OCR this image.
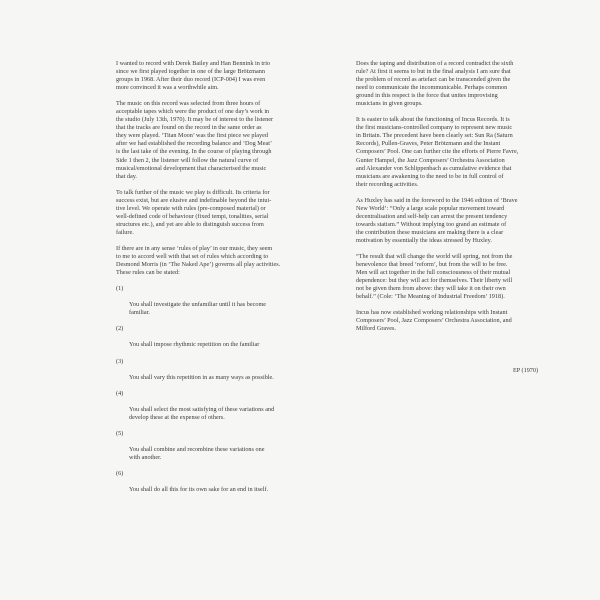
I wanted to record with Derek Bailey and Han Bennink in trio
since we first played together in one of the large Brötzmann
groups in 1968. After their duo record (ICP-004) I was even
more convinced it was a worthwhile aim.

The music on this record was selected from three hours of
acceptable tapes which were the product of one day’s work in
the studio (July 13th, 1970). It may be of interest to the listener
that the tracks are found on the record in the same order as
they were played. ‘Titan Moon’ was the first piece we played
after we had established the recording balance and ‘Dog Meat’
is the last take of the evening. In the course of playing through
Side 1 then 2, the listener will follow the natural curve of
musical/emotional development that characterised the music
that day.

To talk further of the music we play is difficult. Its criteria for
success exist, but are elusive and indefinable beyond the intui-
tive level. We operate with rules (pre-composed material) or
well-defined code of behaviour (fixed tempi, tonalities, serial
structures etc.), and yet are able to distinguish success from
failure.

If there are in any sense ‘rules of play’ in our music, they seem
to me to accord well with that set of rules which according to
Desmond Morris (in ‘The Naked Ape’) governs all play activities.
These rules can be stated:

(1)

You shall investigate the unfamiliar until it has become
familiar.

(2)

You shall impose rhythmic repetition on the familiar

(3)

You shall vary this repetition in as many ways as possible.

(4)

You shall select the most satisfying of these variations and
develop these at the expense of others.

(5)

You shall combine and recombine these variations one
with another.

(6)

You shall do all this for its own sake for an end in itself.

Does the taping and distribution of a record contradict the sixth
rule? At first it seems to but in the final analysis I am sure that
the problem of record as artefact can be transcended given the
need to communicate the incommunicable. Perhaps common
ground in this respect is the force that unites improvising
musicians in given groups.

It is easier to talk about the functioning of Incus Records. It is
the first musicians-controlled company to represent new music
in Britain. The precedent have been clearly set: Sun Ra (Saturn
Records), Pullen-Graves, Peter Brötzmann and the Instant
Composers’ Pool. One can further cite the efforts of Pierre Favre,
Gunter Hampel, the Jazz Composers’ Orchestra Association
and Alexander von Schlippenbach as cumulative evidence that
musicians are awakening to the need to be in full control of
their recording activities.

As Huxley has said in the foreword to the 1946 edition of ‘Brave
New World’: “Only a large scale popular movement toward
decentralisation and self-help can arrest the present tendency
towards statism.” Without implying too grand an estimate of
the contribution these musicians are making there is a clear
motivation by essentially the ideas stressed by Huxley.

“The result that will change the world will spring, not from the
benevolence that breed ‘reform’, but from the will to be free.
Men will act together in the full consciousness of their mutual
dependence: but they will act for themselves. Their liberty will
not be given them from above: they will take it on their own
behalf.” (Cole: ‘The Meaning of Industrial Freedom’ 1918).

Incus has now established working relationships with Instant
Composers’ Pool, Jazz Composers’ Orchestra Association, and
Milford Graves.

EP (1970)
